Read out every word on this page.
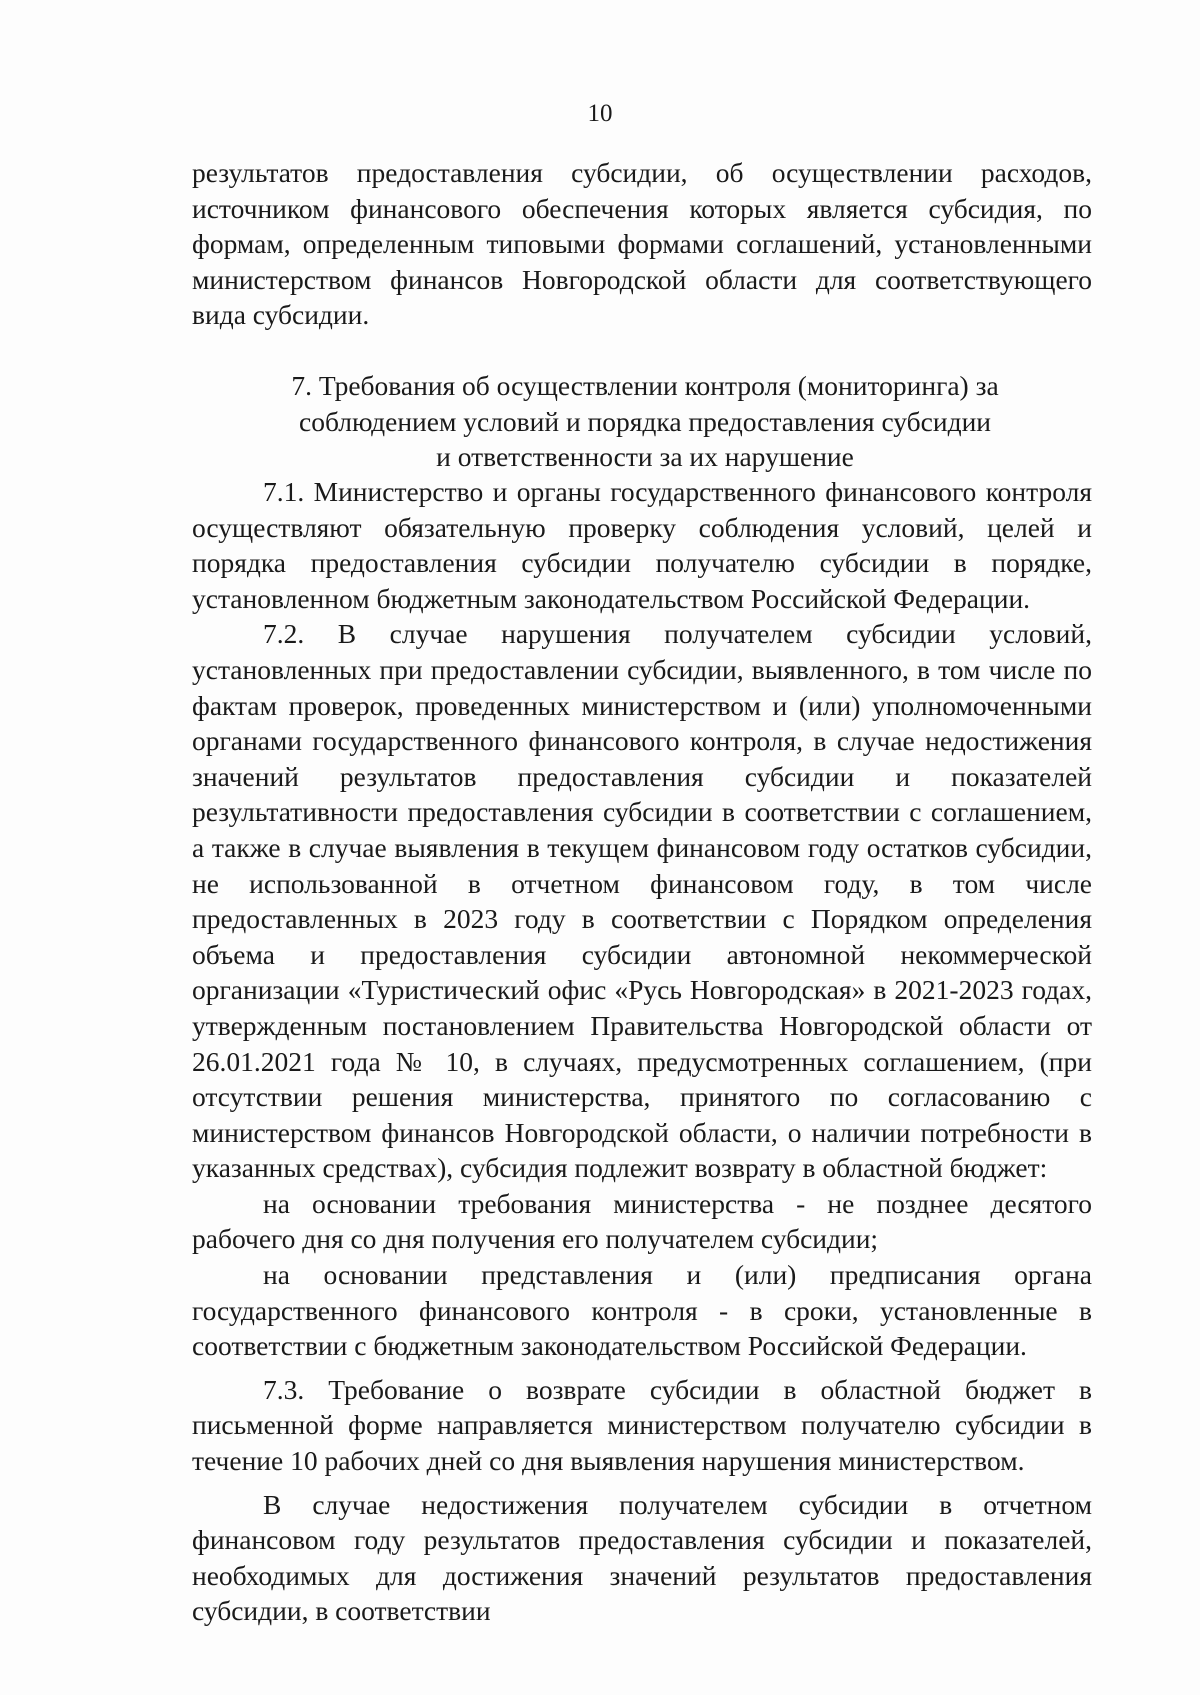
10

результатов предоставления субсидии, об осуществлении расходов, источником финансового обеспечения которых является субсидия, по формам, определенным типовыми формами соглашений, установленными министерством финансов Новгородской области для соответствующего вида субсидии.

7. Требования об осуществлении контроля (мониторинга) за
соблюдением условий и порядка предоставления субсидии
и ответственности за их нарушение

7.1. Министерство и органы государственного финансового контроля осуществляют обязательную проверку соблюдения условий, целей и порядка предоставления субсидии получателю субсидии в порядке, установленном бюджетным законодательством Российской Федерации.

7.2. В случае нарушения получателем субсидии условий, установленных при предоставлении субсидии, выявленного, в том числе по фактам проверок, проведенных министерством и (или) уполномоченными органами государственного финансового контроля, в случае недостижения значений результатов предоставления субсидии и показателей результативности предоставления субсидии в соответствии с соглашением, а также в случае выявления в текущем финансовом году остатков субсидии, не использованной в отчетном финансовом году, в том числе предоставленных в 2023 году в соответствии с Порядком определения объема и предоставления субсидии автономной некоммерческой организации «Туристический офис «Русь Новгородская» в 2021-2023 годах, утвержденным постановлением Правительства Новгородской области от 26.01.2021 года № 10, в случаях, предусмотренных соглашением, (при отсутствии решения министерства, принятого по согласованию с министерством финансов Новгородской области, о наличии потребности в указанных средствах), субсидия подлежит возврату в областной бюджет:

на основании требования министерства - не позднее десятого рабочего дня со дня получения его получателем субсидии;

на основании представления и (или) предписания органа государственного финансового контроля - в сроки, установленные в соответствии с бюджетным законодательством Российской Федерации.

7.3. Требование о возврате субсидии в областной бюджет в письменной форме направляется министерством получателю субсидии в течение 10 рабочих дней со дня выявления нарушения министерством.

В случае недостижения получателем субсидии в отчетном финансовом году результатов предоставления субсидии и показателей, необходимых для достижения значений результатов предоставления субсидии, в соответствии
